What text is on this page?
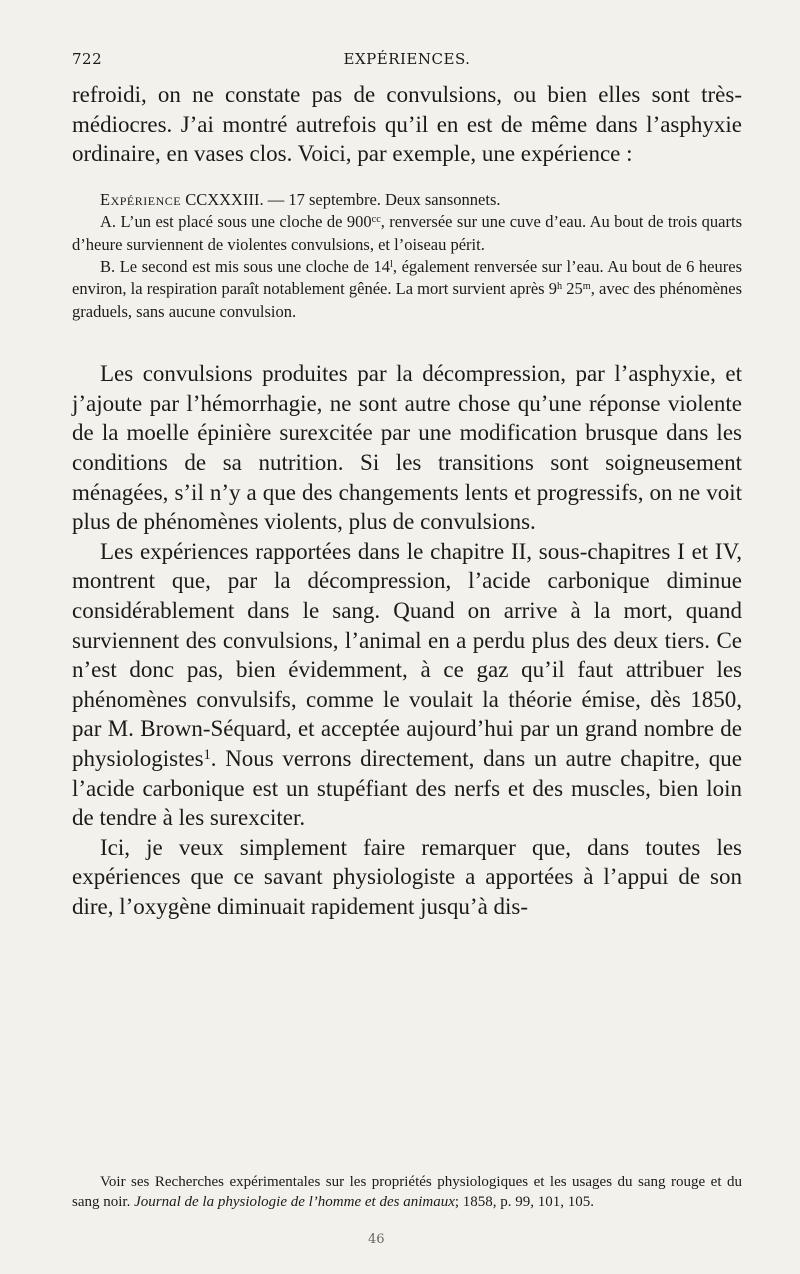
722	EXPÉRIENCES.

refroidi, on ne constate pas de convulsions, ou bien elles sont très-médiocres. J’ai montré autrefois qu’il en est de même dans l’asphyxie ordinaire, en vases clos. Voici, par exemple, une expérience :

Expérience CCXXXIII. — 17 septembre. Deux sansonnets.

A. L’un est placé sous une cloche de $900^{cc}$, renversée sur une cuve d’eau. Au bout de trois quarts d’heure surviennent de violentes convulsions, et l’oiseau périt.

B. Le second est mis sous une cloche de 14$^l$, également renversée sur l’eau. Au bout de 6 heures environ, la respiration paraît notablement gênée. La mort survient après 9$^h$ 25$^m$, avec des phénomènes graduels, sans aucune convulsion.

Les convulsions produites par la décompression, par l’asphyxie, et j’ajoute par l’hémorrhagie, ne sont autre chose qu’une réponse violente de la moelle épinière surexcitée par une modification brusque dans les conditions de sa nutrition. Si les transitions sont soigneusement ménagées, s’il n’y a que des changements lents et progressifs, on ne voit plus de phénomènes violents, plus de convulsions.

Les expériences rapportées dans le chapitre II, sous-chapitres I et IV, montrent que, par la décompression, l’acide carbonique diminue considérablement dans le sang. Quand on arrive à la mort, quand surviennent des convulsions, l’animal en a perdu plus des deux tiers. Ce n’est donc pas, bien évidemment, à ce gaz qu’il faut attribuer les phénomènes convulsifs, comme le voulait la théorie émise, dès 1850, par M. Brown-Séquard, et acceptée aujourd’hui par un grand nombre de physiologistes$^1$. Nous verrons directement, dans un autre chapitre, que l’acide carbonique est un stupéfiant des nerfs et des muscles, bien loin de tendre à les surexciter.

Ici, je veux simplement faire remarquer que, dans toutes les expériences que ce savant physiologiste a apportées à l’appui de son dire, l’oxygène diminuait rapidement jusqu’à dis-

Voir ses Recherches expérimentales sur les propriétés physiologiques et les usages du sang rouge et du sang noir. Journal de la physiologie de l’homme et des animaux; 1858, p. 99, 101, 105.

46
